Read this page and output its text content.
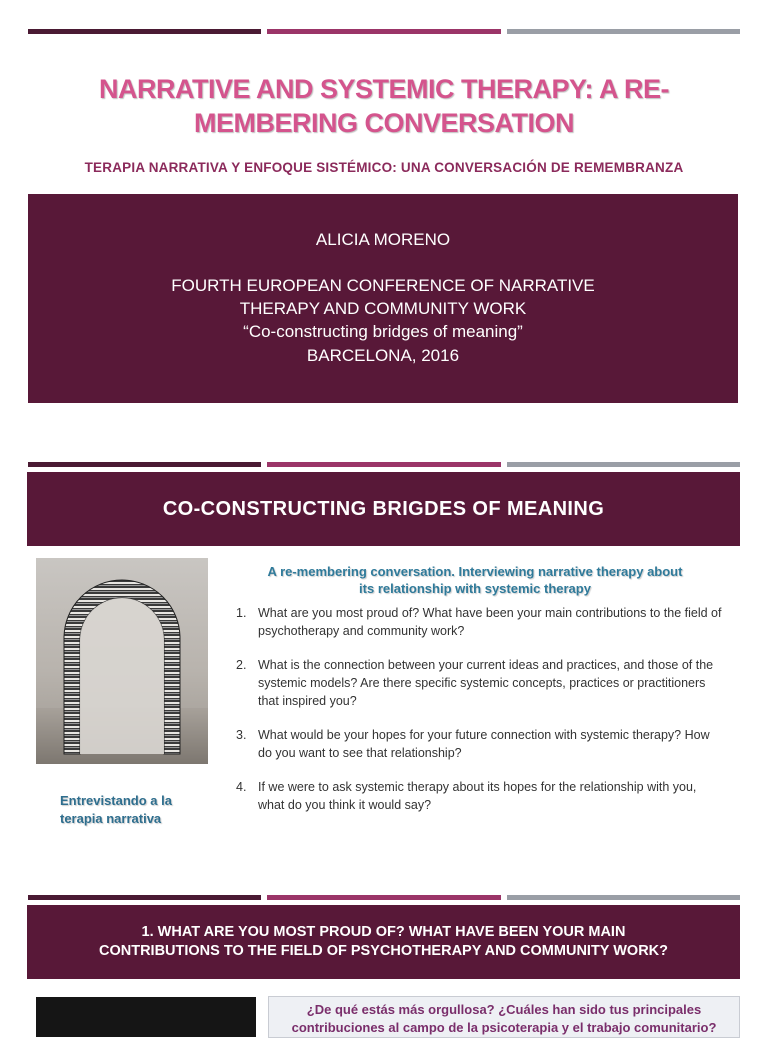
NARRATIVE AND SYSTEMIC THERAPY: A RE-
MEMBERING CONVERSATION
TERAPIA NARRATIVA Y ENFOQUE SISTÉMICO: UNA CONVERSACIÓN DE REMEMBRANZA
ALICIA MORENO
FOURTH EUROPEAN CONFERENCE OF NARRATIVE
THERAPY AND COMMUNITY WORK
“Co-constructing bridges of meaning”
BARCELONA, 2016
CO-CONSTRUCTING BRIGDES OF MEANING
Entrevistando a la
terapia narrativa
A re-membering conversation. Interviewing narrative therapy about
its relationship with systemic therapy
1. What are you most proud of? What have been your main contributions to the field of psychotherapy and community work?
2. What is the connection between your current ideas and practices, and those of the systemic models? Are there specific systemic concepts, practices or practitioners that inspired you?
3. What would be your hopes for your future connection with systemic therapy? How do you want to see that relationship?
4. If we were to ask systemic therapy about its hopes for the relationship with you, what do you think it would say?
1. WHAT ARE YOU MOST PROUD OF? WHAT HAVE BEEN YOUR MAIN
CONTRIBUTIONS TO THE FIELD OF PSYCHOTHERAPY AND COMMUNITY WORK?
¿De qué estás más orgullosa? ¿Cuáles han sido tus principales
contribuciones al campo de la psicoterapia y el trabajo comunitario?
